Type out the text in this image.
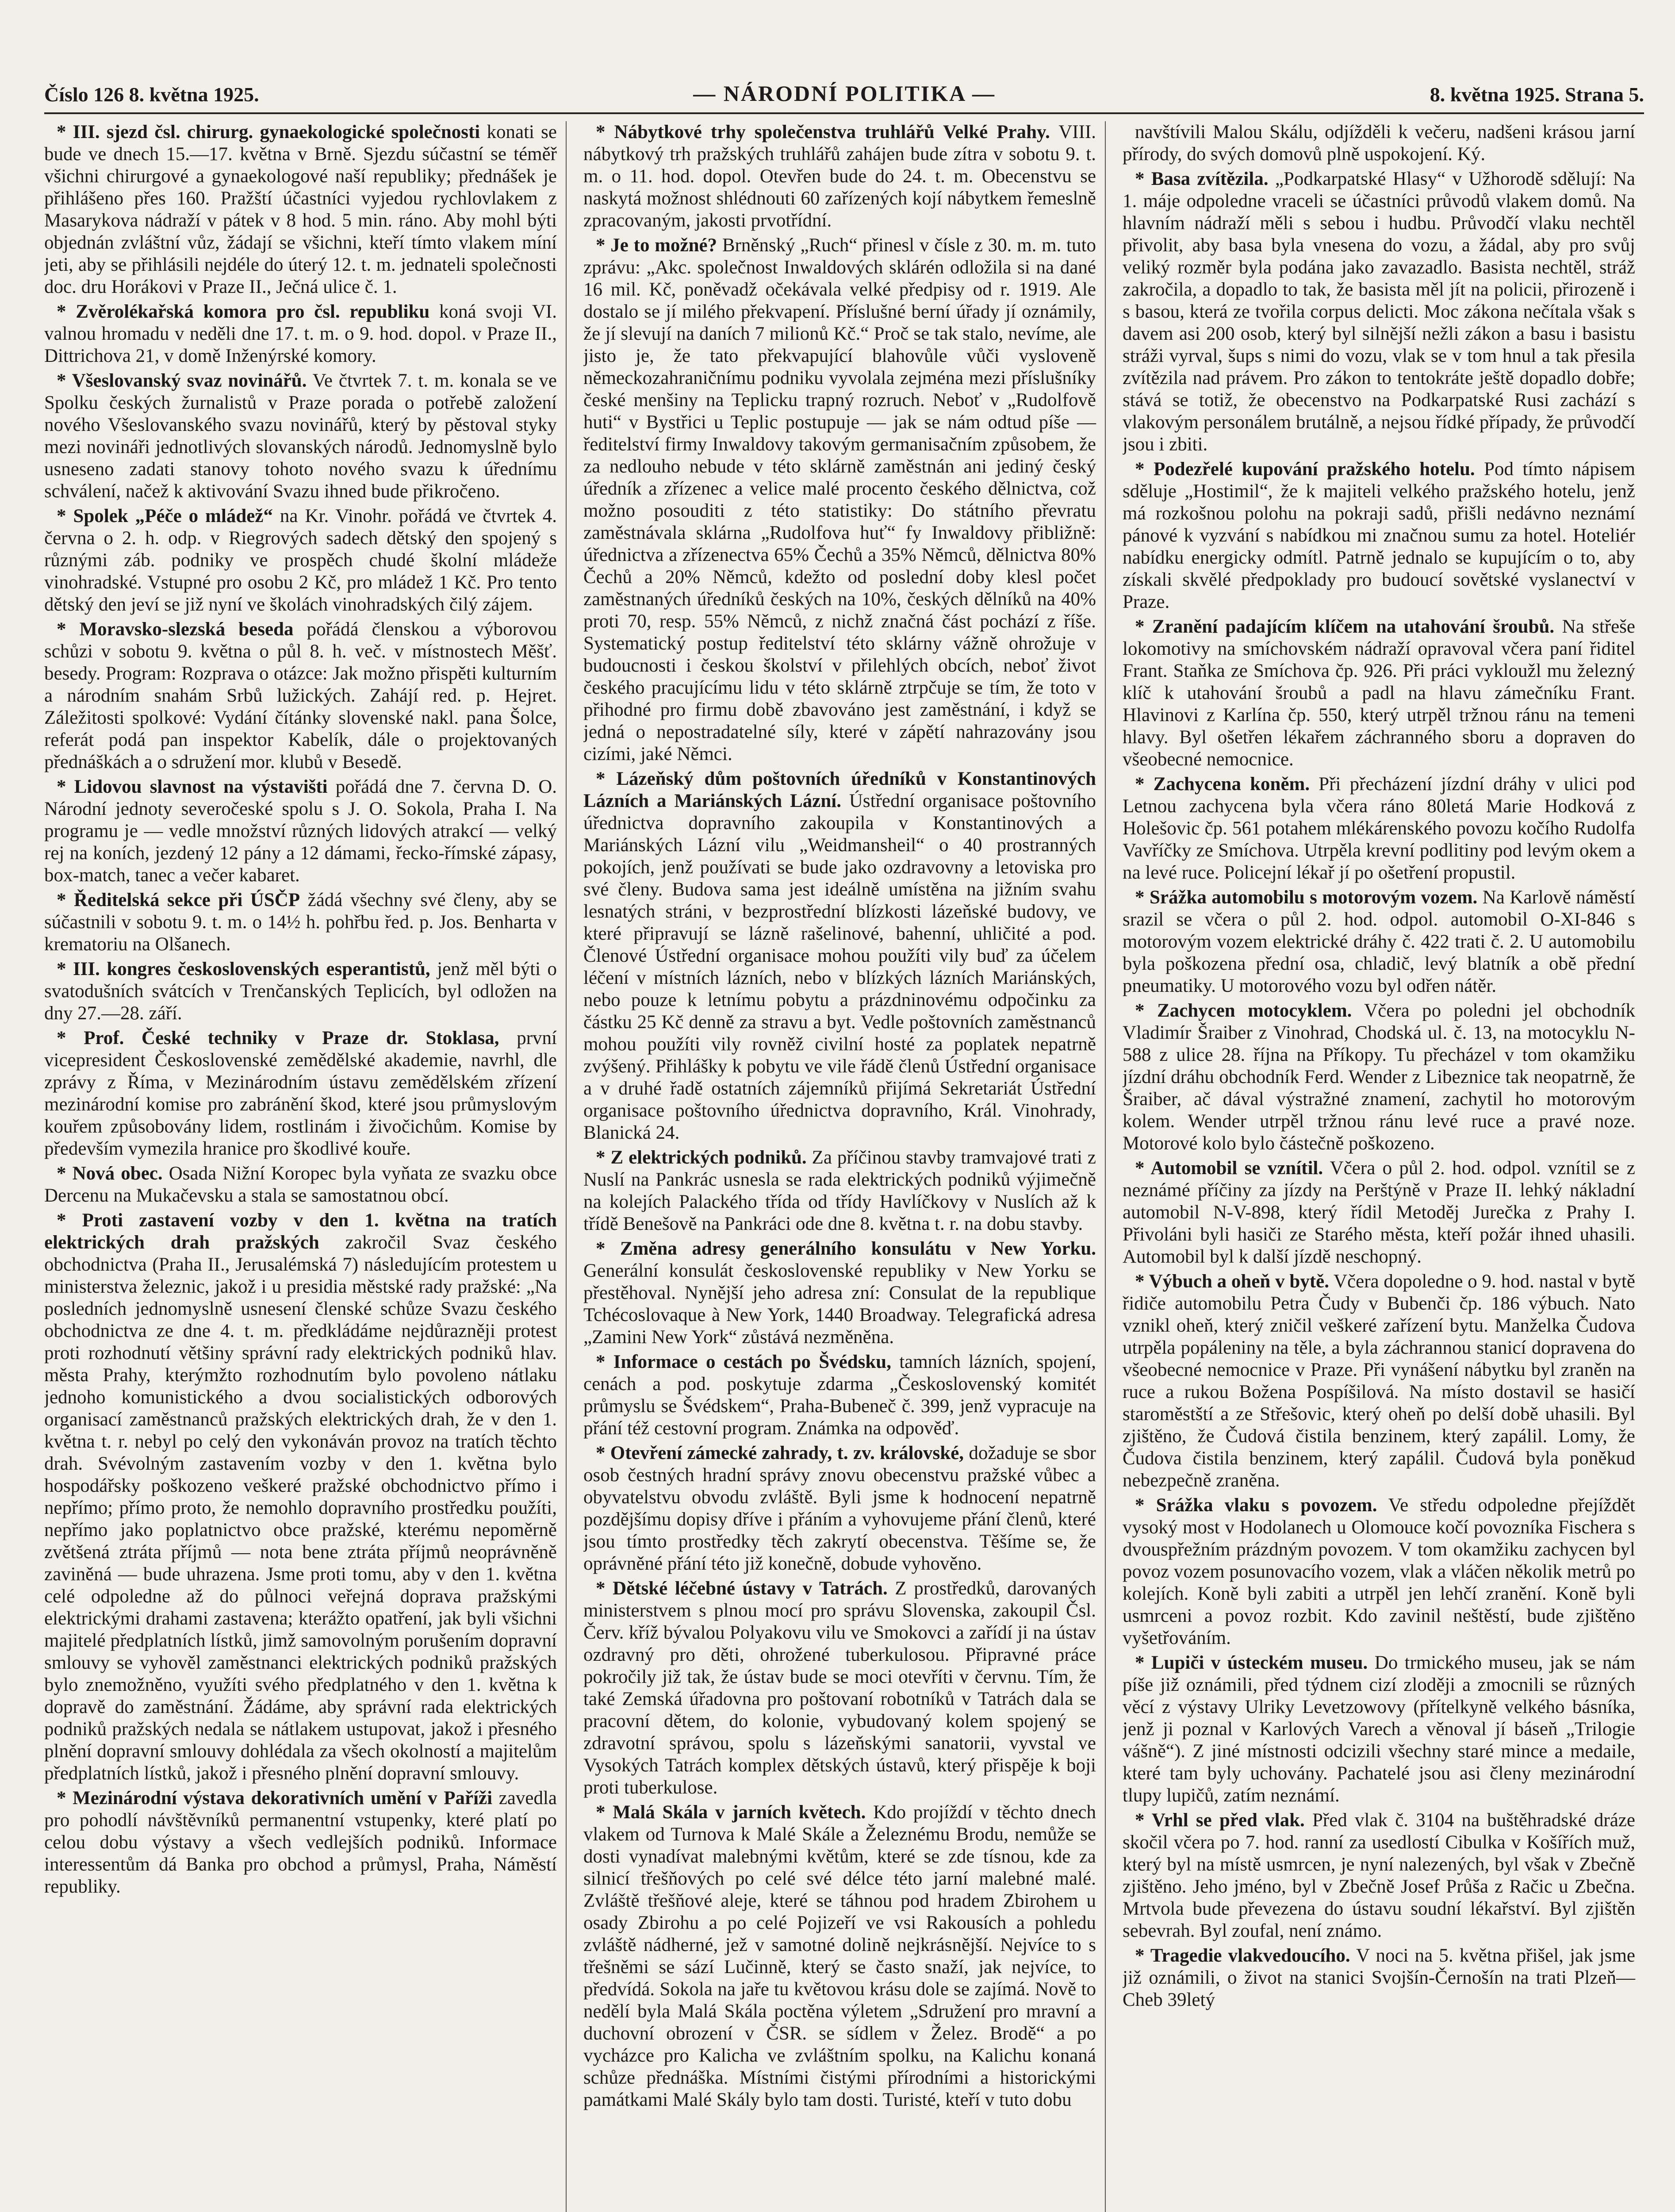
Číslo 126 8. května 1925.	— NÁRODNÍ POLITIKA —	8. května 1925. Strana 5.

* III. sjezd čsl. chirurg. gynaekologické společnosti konati se bude ve dnech 15.—17. května v Brně. Sjezdu súčastní se téměř všichni chirurgové a gynaekologové naší republiky; přednášek je přihlášeno přes 160. Pražští účastníci vyjedou rychlovlakem z Masarykova nádraží v pátek v 8 hod. 5 min. ráno. Aby mohl býti objednán zvláštní vůz, žádají se všichni, kteří tímto vlakem míní jeti, aby se přihlásili nejdéle do úterý 12. t. m. jednateli společnosti doc. dru Horákovi v Praze II., Ječná ulice č. 1.

* Zvěrolékařská komora pro čsl. republiku koná svoji VI. valnou hromadu v neděli dne 17. t. m. o 9. hod. dopol. v Praze II., Dittrichova 21, v domě Inženýrské komory.

* Všeslovanský svaz novinářů. Ve čtvrtek 7. t. m. konala se ve Spolku českých žurnalistů v Praze porada o potřebě založení nového Všeslovanského svazu novinářů, který by pěstoval styky mezi novináři jednotlivých slovanských národů. Jednomyslně bylo usneseno zadati stanovy tohoto nového svazu k úřednímu schválení, načež k aktivování Svazu ihned bude přikročeno.

* Spolek „Péče o mládež“ na Kr. Vinohr. pořádá ve čtvrtek 4. června o 2. h. odp. v Riegrových sadech dětský den spojený s různými záb. podniky ve prospěch chudé školní mládeže vinohradské. Vstupné pro osobu 2 Kč, pro mládež 1 Kč. Pro tento dětský den jeví se již nyní ve školách vinohradských čilý zájem.

* Moravsko-slezská beseda pořádá členskou a výborovou schůzi v sobotu 9. května o půl 8. h. več. v místnostech Měšť. besedy. Program: Rozprava o otázce: Jak možno přispěti kulturním a národním snahám Srbů lužických. Zahájí red. p. Hejret. Záležitosti spolkové: Vydání čítánky slovenské nakl. pana Šolce, referát podá pan inspektor Kabelík, dále o projektovaných přednáškách a o sdružení mor. klubů v Besedě.

* Lidovou slavnost na výstavišti pořádá dne 7. června D. O. Národní jednoty severočeské spolu s J. O. Sokola, Praha I. Na programu je — vedle množství různých lidových atrakcí — velký rej na koních, jezdený 12 pány a 12 dámami, řecko-římské zápasy, box-match, tanec a večer kabaret.

* Ředitelská sekce při ÚSČP žádá všechny své členy, aby se súčastnili v sobotu 9. t. m. o 14½ h. pohřbu řed. p. Jos. Benharta v krematoriu na Olšanech.

* III. kongres československých esperantistů, jenž měl býti o svatodušních svátcích v Trenčanských Teplicích, byl odložen na dny 27.—28. září.

* Prof. České techniky v Praze dr. Stoklasa, první vicepresident Československé zemědělské akademie, navrhl, dle zprávy z Říma, v Mezinárodním ústavu zemědělském zřízení mezinárodní komise pro zabránění škod, které jsou průmyslovým kouřem způsobovány lidem, rostlinám i živočichům. Komise by především vymezila hranice pro škodlivé kouře.

* Nová obec. Osada Nižní Koropec byla vyňata ze svazku obce Dercenu na Mukačevsku a stala se samostatnou obcí.

* Proti zastavení vozby v den 1. května na tratích elektrických drah pražských zakročil Svaz českého obchodnictva (Praha II., Jerusalémská 7) následujícím protestem u ministerstva železnic, jakož i u presidia městské rady pražské: „Na posledních jednomyslně usnesení členské schůze Svazu českého obchodnictva ze dne 4. t. m. předkládáme nejdůrazněji protest proti rozhodnutí většiny správní rady elektrických podniků hlav. města Prahy, kterýmžto rozhodnutím bylo povoleno nátlaku jednoho komunistického a dvou socialistických odborových organisací zaměstnanců pražských elektrických drah, že v den 1. května t. r. nebyl po celý den vykonáván provoz na tratích těchto drah. Svévolným zastavením vozby v den 1. května bylo hospodářsky poškozeno veškeré pražské obchodnictvo přímo i nepřímo; přímo proto, že nemohlo dopravního prostředku použíti, nepřímo jako poplatnictvo obce pražské, kterému nepoměrně zvětšená ztráta příjmů — nota bene ztráta příjmů neoprávněně zaviněná — bude uhrazena. Jsme proti tomu, aby v den 1. května celé odpoledne až do půlnoci veřejná doprava pražskými elektrickými drahami zastavena; kterážto opatření, jak byli všichni majitelé předplatních lístků, jimž samovolným porušením dopravní smlouvy se vyhověl zaměstnanci elektrických podniků pražských bylo znemožněno, využíti svého předplatného v den 1. května k dopravě do zaměstnání. Žádáme, aby správní rada elektrických podniků pražských nedala se nátlakem ustupovat, jakož i přesného plnění dopravní smlouvy dohlédala za všech okolností a majitelům předplatních lístků, jakož i přesného plnění dopravní smlouvy.

* Mezinárodní výstava dekorativních umění v Paříži zavedla pro pohodlí návštěvníků permanentní vstupenky, které platí po celou dobu výstavy a všech vedlejších podniků. Informace interessentům dá Banka pro obchod a průmysl, Praha, Náměstí republiky.

* Nábytkové trhy společenstva truhlářů Velké Prahy. VIII. nábytkový trh pražských truhlářů zahájen bude zítra v sobotu 9. t. m. o 11. hod. dopol. Otevřen bude do 24. t. m. Obecenstvu se naskytá možnost shlédnouti 60 zařízených kojí nábytkem řemeslně zpracovaným, jakosti prvotřídní.

* Je to možné? Brněnský „Ruch“ přinesl v čísle z 30. m. m. tuto zprávu: „Akc. společnost Inwaldových sklárén odložila si na dané 16 mil. Kč, poněvadž očekávala velké předpisy od r. 1919. Ale dostalo se jí milého překvapení. Příslušné berní úřady jí oznámily, že jí slevují na daních 7 milionů Kč.“ Proč se tak stalo, nevíme, ale jisto je, že tato překvapující blahovůle vůči vysloveně německozahraničnímu podniku vyvolala zejména mezi příslušníky české menšiny na Teplicku trapný rozruch. Neboť v „Rudolfově huti“ v Bystřici u Teplic postupuje — jak se nám odtud píše — ředitelství firmy Inwaldovy takovým germanisačním způsobem, že za nedlouho nebude v této sklárně zaměstnán ani jediný český úředník a zřízenec a velice malé procento českého dělnictva, což možno posouditi z této statistiky: Do státního převratu zaměstnávala sklárna „Rudolfova huť“ fy Inwaldovy přibližně: úřednictva a zřízenectva 65% Čechů a 35% Němců, dělnictva 80% Čechů a 20% Němců, kdežto od poslední doby klesl počet zaměstnaných úředníků českých na 10%, českých dělníků na 40% proti 70, resp. 55% Němců, z nichž značná část pochází z říše. Systematický postup ředitelství této sklárny vážně ohrožuje v budoucnosti i českou školství v přilehlých obcích, neboť život českého pracujícímu lidu v této sklárně ztrpčuje se tím, že toto v přihodné pro firmu době zbavováno jest zaměstnání, i když se jedná o nepostradatelné síly, které v zápětí nahrazovány jsou cizími, jaké Němci.

* Lázeňský dům poštovních úředníků v Konstantinových Lázních a Mariánských Lázní. Ústřední organisace poštovního úřednictva dopravního zakoupila v Konstantinových a Mariánských Lázní vilu „Weidmansheil“ o 40 prostranných pokojích, jenž používati se bude jako ozdravovny a letoviska pro své členy. Budova sama jest ideálně umístěna na jižním svahu lesnatých stráni, v bezprostřední blízkosti lázeňské budovy, ve které připravují se lázně rašelinové, bahenní, uhličité a pod. Členové Ústřední organisace mohou použíti vily buď za účelem léčení v místních lázních, nebo v blízkých lázních Mariánských, nebo pouze k letnímu pobytu a prázdninovému odpočinku za částku 25 Kč denně za stravu a byt. Vedle poštovních zaměstnanců mohou použíti vily rovněž civilní hosté za poplatek nepatrně zvýšený. Přihlášky k pobytu ve vile řádě členů Ústřední organisace a v druhé řadě ostatních zájemníků přijímá Sekretariát Ústřední organisace poštovního úřednictva dopravního, Král. Vinohrady, Blanická 24.

* Z elektrických podniků. Za příčinou stavby tramvajové trati z Nuslí na Pankrác usnesla se rada elektrických podniků výjimečně na kolejích Palackého třída od třídy Havlíčkovy v Nuslích až k třídě Benešově na Pankráci ode dne 8. května t. r. na dobu stavby.

* Změna adresy generálního konsulátu v New Yorku. Generální konsulát československé republiky v New Yorku se přestěhoval. Nynější jeho adresa zní: Consulat de la republique Tchécoslovaque à New York, 1440 Broadway. Telegrafická adresa „Zamini New York“ zůstává nezměněna.

* Informace o cestách po Švédsku, tamních lázních, spojení, cenách a pod. poskytuje zdarma „Československý komitét průmyslu se Švédskem“, Praha-Bubeneč č. 399, jenž vypracuje na přání též cestovní program. Známka na odpověď.

* Otevření zámecké zahrady, t. zv. královské, dožaduje se sbor osob čestných hradní správy znovu obecenstvu pražské vůbec a obyvatelstvu obvodu zvláště. Byli jsme k hodnocení nepatrně pozdějšímu dopisy dříve i přáním a vyhovujeme přání členů, které jsou tímto prostředky těch zakrytí obecenstva. Těšíme se, že oprávněné přání této již konečně, dobude vyhověno.

* Dětské léčebné ústavy v Tatrách. Z prostředků, darovaných ministerstvem s plnou mocí pro správu Slovenska, zakoupil Čsl. Červ. kříž bývalou Polyakovu vilu ve Smokovci a zařídí ji na ústav ozdravný pro děti, ohrožené tuberkulosou. Připravné práce pokročily již tak, že ústav bude se moci otevříti v červnu. Tím, že také Zemská úřadovna pro poštovaní robotníků v Tatrách dala se pracovní dětem, do kolonie, vybudovaný kolem spojený se zdravotní správou, spolu s lázeňskými sanatorii, vyvstal ve Vysokých Tatrách komplex dětských ústavů, který přispěje k boji proti tuberkulose.

* Malá Skála v jarních květech. Kdo projíždí v těchto dnech vlakem od Turnova k Malé Skále a Železnému Brodu, nemůže se dosti vynadívat malebnými květům, které se zde tísnou, kde za silnicí třešňových po celé své délce této jarní malebné malé. Zvláště třešňové aleje, které se táhnou pod hradem Zbirohem u osady Zbirohu a po celé Pojizeří ve vsi Rakousích a pohledu zvláště nádherné, jež v samotné dolině nejkrásnější. Nejvíce to s třešněmi se sází Lučinně, který se často snaží, jak nejvíce, to předvídá. Sokola na jaře tu květovou krásu dole se zajímá. Nově to nedělí byla Malá Skála poctěna výletem „Sdružení pro mravní a duchovní obrození v ČSR. se sídlem v Želez. Brodě“ a po vycházce pro Kalicha ve zvláštním spolku, na Kalichu konaná schůze přednáška. Místními čistými přírodními a historickými památkami Malé Skály bylo tam dosti. Turisté, kteří v tuto dobu

navštívili Malou Skálu, odjížděli k večeru, nadšeni krásou jarní přírody, do svých domovů plně uspokojení. Ký.

* Basa zvítězila. „Podkarpatské Hlasy“ v Užhorodě sdělují: Na 1. máje odpoledne vraceli se účastníci průvodů vlakem domů. Na hlavním nádraží měli s sebou i hudbu. Průvodčí vlaku nechtěl přivolit, aby basa byla vnesena do vozu, a žádal, aby pro svůj veliký rozměr byla podána jako zavazadlo. Basista nechtěl, stráž zakročila, a dopadlo to tak, že basista měl jít na policii, přirozeně i s basou, která ze tvořila corpus delicti. Moc zákona nečítala však s davem asi 200 osob, který byl silnější nežli zákon a basu i basistu stráži vyrval, šups s nimi do vozu, vlak se v tom hnul a tak přesila zvítězila nad právem. Pro zákon to tentokráte ještě dopadlo dobře; stává se totiž, že obecenstvo na Podkarpatské Rusi zachází s vlakovým personálem brutálně, a nejsou řídké případy, že průvodčí jsou i zbiti.

* Podezřelé kupování pražského hotelu. Pod tímto nápisem sděluje „Hostimil“, že k majiteli velkého pražského hotelu, jenž má rozkošnou polohu na pokraji sadů, přišli nedávno neznámí pánové k vyzvání s nabídkou mi značnou sumu za hotel. Hoteliér nabídku energicky odmítl. Patrně jednalo se kupujícím o to, aby získali skvělé předpoklady pro budoucí sovětské vyslanectví v Praze.

* Zranění padajícím klíčem na utahování šroubů. Na střeše lokomotivy na smíchovském nádraží opravoval včera paní řiditel Frant. Staňka ze Smíchova čp. 926. Při práci vykloužl mu železný klíč k utahování šroubů a padl na hlavu zámečníku Frant. Hlavinovi z Karlína čp. 550, který utrpěl tržnou ránu na temeni hlavy. Byl ošetřen lékařem záchranného sboru a dopraven do všeobecné nemocnice.

* Zachycena koněm. Při přecházení jízdní dráhy v ulici pod Letnou zachycena byla včera ráno 80letá Marie Hodková z Holešovic čp. 561 potahem mlékárenského povozu kočího Rudolfa Vavříčky ze Smíchova. Utrpěla krevní podlitiny pod levým okem a na levé ruce. Policejní lékař jí po ošetření propustil.

* Srážka automobilu s motorovým vozem. Na Karlově náměstí srazil se včera o půl 2. hod. odpol. automobil O-XI-846 s motorovým vozem elektrické dráhy č. 422 trati č. 2. U automobilu byla poškozena přední osa, chladič, levý blatník a obě přední pneumatiky. U motorového vozu byl odřen nátěr.

* Zachycen motocyklem. Včera po poledni jel obchodník Vladimír Šraiber z Vinohrad, Chodská ul. č. 13, na motocyklu N-588 z ulice 28. října na Příkopy. Tu přecházel v tom okamžiku jízdní dráhu obchodník Ferd. Wender z Libeznice tak neopatrně, že Šraiber, ač dával výstražné znamení, zachytil ho motorovým kolem. Wender utrpěl tržnou ránu levé ruce a pravé noze. Motorové kolo bylo částečně poškozeno.

* Automobil se vznítil. Včera o půl 2. hod. odpol. vznítil se z neznámé příčiny za jízdy na Perštýně v Praze II. lehký nákladní automobil N-V-898, který řídil Metoděj Jurečka z Prahy I. Přivoláni byli hasiči ze Starého města, kteří požár ihned uhasili. Automobil byl k další jízdě neschopný.

* Výbuch a oheň v bytě. Včera dopoledne o 9. hod. nastal v bytě řidiče automobilu Petra Čudy v Bubenči čp. 186 výbuch. Nato vznikl oheň, který zničil veškeré zařízení bytu. Manželka Čudova utrpěla popáleniny na těle, a byla záchrannou stanicí dopravena do všeobecné nemocnice v Praze. Při vynášení nábytku byl zraněn na ruce a rukou Božena Pospíšilová. Na místo dostavil se hasičí staroměstští a ze Střešovic, který oheň po delší době uhasili. Byl zjištěno, že Čudová čistila benzinem, který zapálil. Lomy, že Čudova čistila benzinem, který zapálil. Čudová byla poněkud nebezpečně zraněna.

* Srážka vlaku s povozem. Ve středu odpoledne přejíždět vysoký most v Hodolanech u Olomouce kočí povozníka Fischera s dvouspřežním prázdným povozem. V tom okamžiku zachycen byl povoz vozem posunovacího vozem, vlak a vláčen několik metrů po kolejích. Koně byli zabiti a utrpěl jen lehčí zranění. Koně byli usmrceni a povoz rozbit. Kdo zavinil neštěstí, bude zjištěno vyšetřováním.

* Lupiči v ústeckém museu. Do trmického museu, jak se nám píše již oznámili, před týdnem cizí zloději a zmocnili se různých věcí z výstavy Ulriky Levetzowovy (přítelkyně velkého básníka, jenž ji poznal v Karlových Varech a věnoval jí báseň „Trilogie vášně“). Z jiné místnosti odcizili všechny staré mince a medaile, které tam byly uchovány. Pachatelé jsou asi členy mezinárodní tlupy lupičů, zatím neznámí.

* Vrhl se před vlak. Před vlak č. 3104 na buštěhradské dráze skočil včera po 7. hod. ranní za usedlostí Cibulka v Košířích muž, který byl na místě usmrcen, je nyní nalezených, byl však v Zbečně zjištěno. Jeho jméno, byl v Zbečně Josef Průša z Račic u Zbečna. Mrtvola bude převezena do ústavu soudní lékařství. Byl zjištěn sebevrah. Byl zoufal, není známo.

* Tragedie vlakvedoucího. V noci na 5. května přišel, jak jsme již oznámili, o život na stanici Svojšín-Černošín na trati Plzeň—Cheb 39letý
